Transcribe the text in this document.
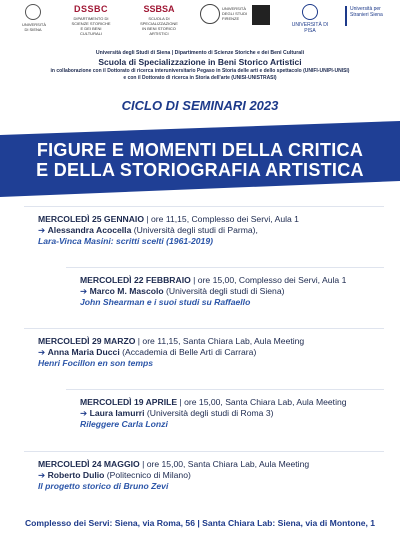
UNIVERSITÀ DI SIENA
DSSBC
DIPARTIMENTO DI SCIENZE STORICHE E DEI BENI CULTURALI
SSBSA
SCUOLA DI SPECIALIZZAZIONE IN BENI STORICO ARTISTICI
UNIVERSITÀ DEGLI STUDI FIRENZE
UNIVERSITÀ DI PISA
Università per Stranieri Siena
Università degli Studi di Siena | Dipartimento di Scienze Storiche e dei Beni Culturali
Scuola di Specializzazione in Beni Storico Artistici
in collaborazione con il Dottorato di ricerca interuniversitario Pegaso in Storia delle arti e dello spettacolo (UNIFI-UNIPI-UNISI)
e con il Dottorato di ricerca in Storia dell'arte (UNISI-UNISTRASI)
CICLO DI SEMINARI 2023
FIGURE E MOMENTI DELLA CRITICA
E DELLA STORIOGRAFIA ARTISTICA
MERCOLEDÌ 25 GENNAIO | ore 11,15, Complesso dei Servi, Aula 1
➔ Alessandra Acocella (Università degli studi di Parma),
Lara-Vinca Masini: scritti scelti (1961-2019)
MERCOLEDÌ 22 FEBBRAIO | ore 15,00, Complesso dei Servi, Aula 1
➔ Marco M. Mascolo (Università degli studi di Siena)
John Shearman e i suoi studi su Raffaello
MERCOLEDÌ 29 MARZO | ore 11,15, Santa Chiara Lab, Aula Meeting
➔ Anna Maria Ducci (Accademia di Belle Arti di Carrara)
Henri Focillon en son temps
MERCOLEDÌ 19 APRILE | ore 15,00, Santa Chiara Lab, Aula Meeting
➔ Laura Iamurri (Università degli studi di Roma 3)
Rileggere Carla Lonzi
MERCOLEDÌ 24 MAGGIO | ore 15,00, Santa Chiara Lab, Aula Meeting
➔ Roberto Dulio (Politecnico di Milano)
Il progetto storico di Bruno Zevi
Complesso dei Servi: Siena, via Roma, 56 | Santa Chiara Lab: Siena, via di Montone, 1
